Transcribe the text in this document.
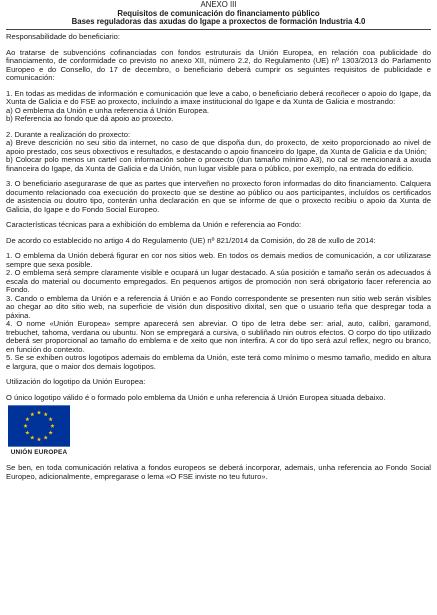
ANEXO III
Requisitos de comunicación do financiamento público
Bases reguladoras das axudas do Igape a proxectos de formación Industria 4.0

Responsabilidade do beneficiario:

Ao tratarse de subvencións cofinanciadas con fondos estruturais da Unión Europea, en relación coa publicidade do financiamento, de conformidade co previsto no anexo XII, número 2.2, do Regulamento (UE) nº 1303/2013 do Parlamento Europeo e do Consello, do 17 de decembro, o beneficiario deberá cumprir os seguintes requisitos de publicidade e comunicación:

1. En todas as medidas de información e comunicación que leve a cabo, o beneficiario deberá recoñecer o apoio do Igape, da Xunta de Galicia e do FSE ao proxecto, incluíndo a imaxe institucional do Igape e da Xunta de Galicia e mostrando:
a) O emblema da Unión e unha referencia á Unión Europea.
b) Referencia ao fondo que dá apoio ao proxecto.

2. Durante a realización do proxecto:
a) Breve descrición no seu sitio da internet, no caso de que dispoña dun, do proxecto, de xeito proporcionado ao nivel de apoio prestado, cos seus obxectivos e resultados, e destacando o apoio financeiro do Igape, da Xunta de Galicia e da Unión;
b) Colocar polo menos un cartel con información sobre o proxecto (dun tamaño mínimo A3), no cal se mencionará a axuda financeira do Igape, da Xunta de Galicia e da Unión, nun lugar visible para o público, por exemplo, na entrada do edificio.

3. O beneficiario asegurarase de que as partes que interveñen no proxecto foron informadas do dito financiamento. Calquera documento relacionado coa execución do proxecto que se destine ao público ou aos participantes, incluídos os certificados de asistencia ou doutro tipo, conterán unha declaración en que se informe de que o proxecto recibiu o apoio da Xunta de Galicia, do Igape e do Fondo Social Europeo.

Características técnicas para a exhibición do emblema da Unión e referencia ao Fondo:

De acordo co establecido no artigo 4 do Regulamento (UE) nº 821/2014 da Comisión, do 28 de xullo de 2014:

1. O emblema da Unión deberá figurar en cor nos sitios web. En todos os demais medios de comunicación, a cor utilizarase sempre que sexa posible.
2. O emblema será sempre claramente visible e ocupará un lugar destacado. A súa posición e tamaño serán os adecuados á escala do material ou documento empregados. En pequenos artigos de promoción non será obrigatorio facer referencia ao Fondo.
3. Cando o emblema da Unión e a referencia á Unión e ao Fondo correspondente se presenten nun sitio web serán visibles ao chegar ao dito sitio web, na superficie de visión dun dispositivo dixital, sen que o usuario teña que despregar toda a páxina.
4. O nome «Unión Europea» sempre aparecerá sen abreviar. O tipo de letra debe ser: arial, auto, calibri, garamond, trebuchet, tahoma, verdana ou ubuntu. Non se empregará a cursiva, o subliñado nin outros efectos. O corpo do tipo utilizado deberá ser proporcional ao tamaño do emblema e de xeito que non interfira. A cor do tipo será azul reflex, negro ou branco, en función do contexto.
5. Se se exhiben outros logotipos ademais do emblema da Unión, este terá como mínimo o mesmo tamaño, medido en altura e largura, que o maior dos demais logotipos.

Utilización do logotipo da Unión Europea:

O único logotipo válido é o formado polo emblema da Unión e unha referencia á Unión Europea situada debaixo.

UNIÓN EUROPEA

Se ben, en toda comunicación relativa a fondos europeos se deberá incorporar, ademais, unha referencia ao Fondo Social Europeo, adicionalmente, empregarase o lema «O FSE inviste no teu futuro».
